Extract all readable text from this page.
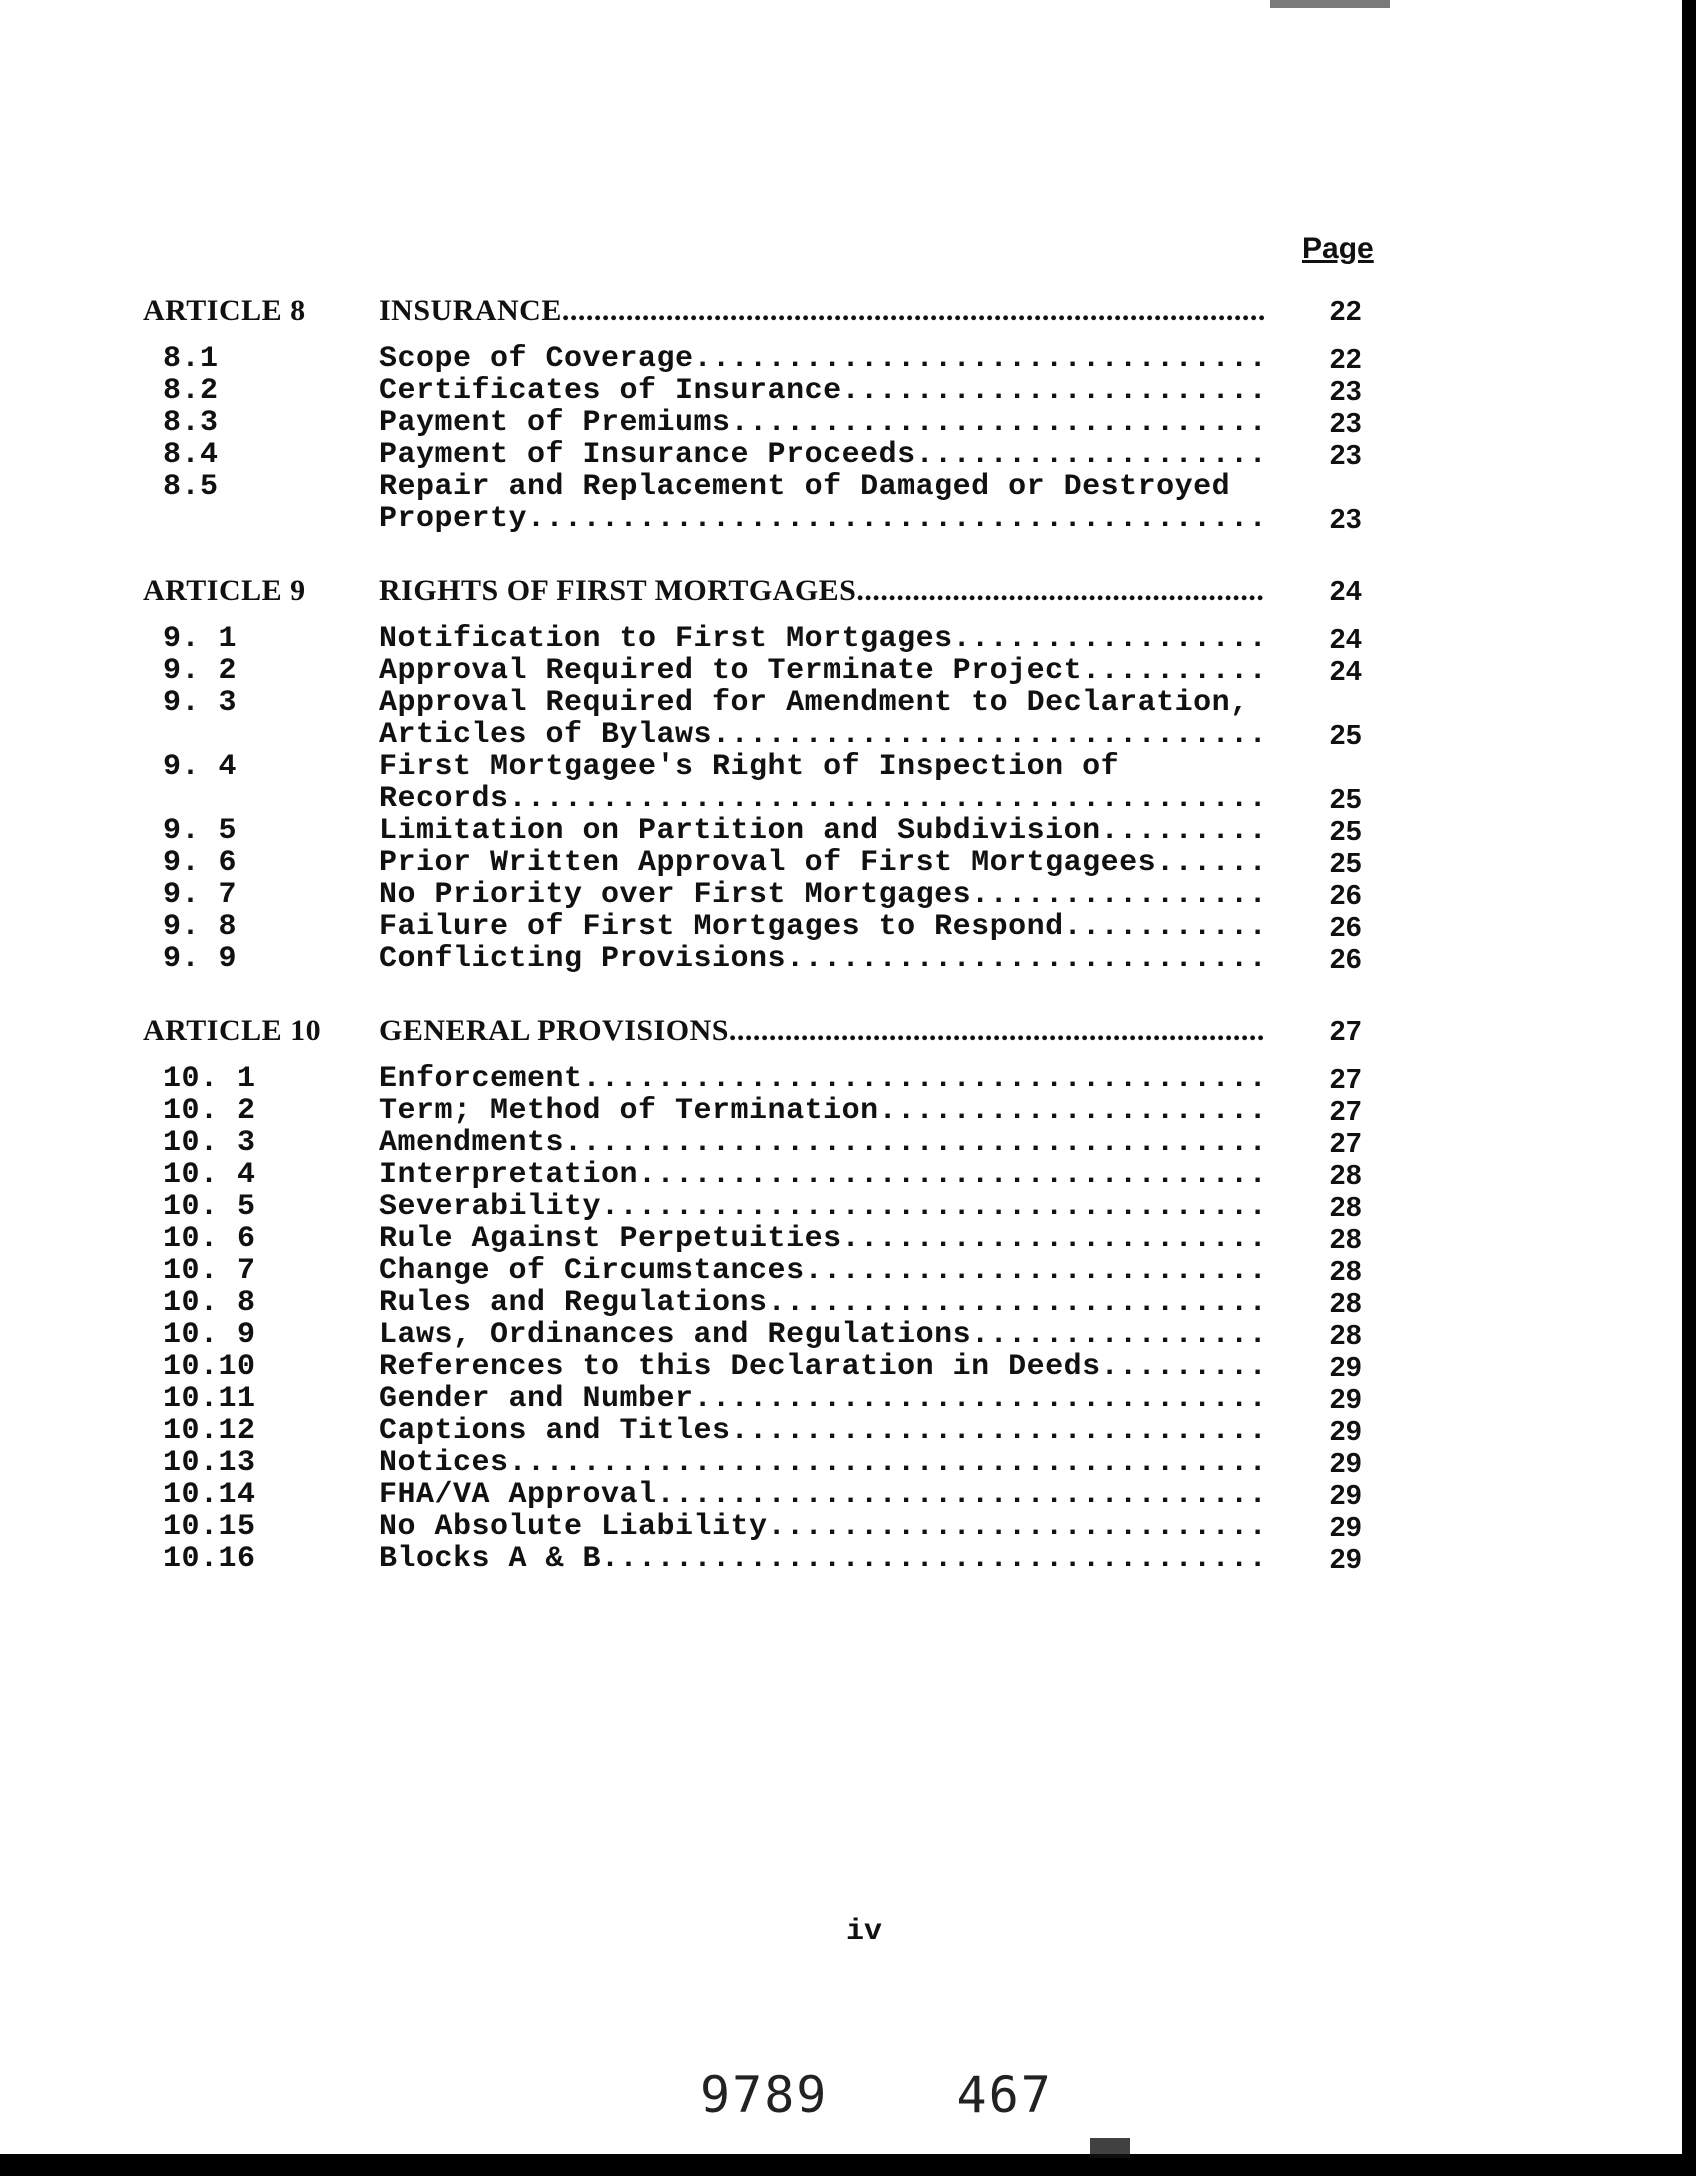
Page
ARTICLE 8	INSURANCE .....	22
8.1	Scope of Coverage .....	22
8.2	Certificates of Insurance .....	23
8.3	Payment of Premiums .....	23
8.4	Payment of Insurance Proceeds .....	23
8.5	Repair and Replacement of Damaged or Destroyed
Property .....	23
ARTICLE 9	RIGHTS OF FIRST MORTGAGES .....	24
9. 1	Notification to First Mortgages .....	24
9. 2	Approval Required to Terminate Project .....	24
9. 3	Approval Required for Amendment to Declaration,
Articles of Bylaws .....	25
9. 4	First Mortgagee's Right of Inspection of
Records .....	25
9. 5	Limitation on Partition and Subdivision .....	25
9. 6	Prior Written Approval of First Mortgagees .....	25
9. 7	No Priority over First Mortgages .....	26
9. 8	Failure of First Mortgages to Respond .....	26
9. 9	Conflicting Provisions .....	26
ARTICLE 10	GENERAL PROVISIONS .....	27
10. 1	Enforcement .....	27
10. 2	Term; Method of Termination .....	27
10. 3	Amendments .....	27
10. 4	Interpretation .....	28
10. 5	Severability .....	28
10. 6	Rule Against Perpetuities .....	28
10. 7	Change of Circumstances .....	28
10. 8	Rules and Regulations .....	28
10. 9	Laws, Ordinances and Regulations .....	28
10.10	References to this Declaration in Deeds .....	29
10.11	Gender and Number .....	29
10.12	Captions and Titles .....	29
10.13	Notices .....	29
10.14	FHA/VA Approval .....	29
10.15	No Absolute Liability .....	29
10.16	Blocks A & B .....	29
iv
9789	467
